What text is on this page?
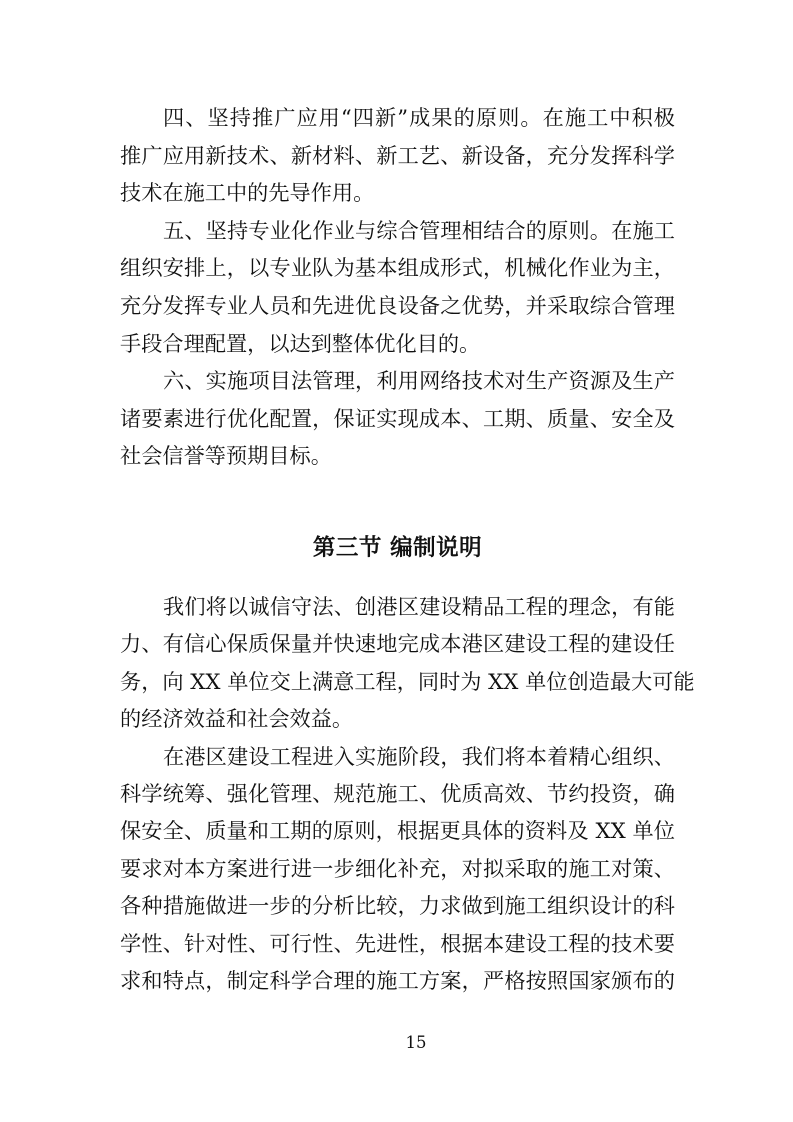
四、坚持推广应用“四新”成果的原则。在施工中积极
推广应用新技术、新材料、新工艺、新设备，充分发挥科学
技术在施工中的先导作用。
五、坚持专业化作业与综合管理相结合的原则。在施工
组织安排上，以专业队为基本组成形式，机械化作业为主，
充分发挥专业人员和先进优良设备之优势，并采取综合管理
手段合理配置，以达到整体优化目的。
六、实施项目法管理，利用网络技术对生产资源及生产
诸要素进行优化配置，保证实现成本、工期、质量、安全及
社会信誉等预期目标。
第三节 编制说明
我们将以诚信守法、创港区建设精品工程的理念，有能
力、有信心保质保量并快速地完成本港区建设工程的建设任
务，向 XX 单位交上满意工程，同时为 XX 单位创造最大可能
的经济效益和社会效益。
在港区建设工程进入实施阶段，我们将本着精心组织、
科学统筹、强化管理、规范施工、优质高效、节约投资，确
保安全、质量和工期的原则，根据更具体的资料及 XX 单位
要求对本方案进行进一步细化补充，对拟采取的施工对策、
各种措施做进一步的分析比较，力求做到施工组织设计的科
学性、针对性、可行性、先进性，根据本建设工程的技术要
求和特点，制定科学合理的施工方案，严格按照国家颁布的
15
